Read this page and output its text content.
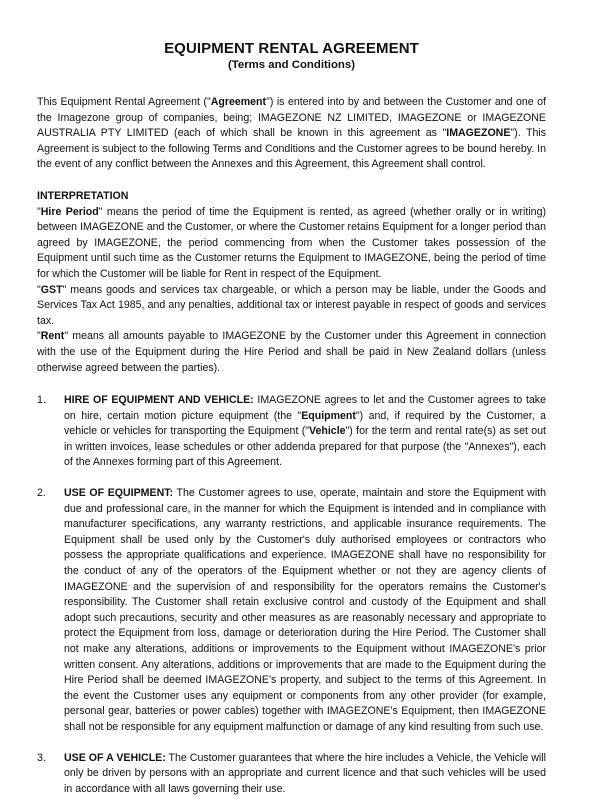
EQUIPMENT RENTAL AGREEMENT
(Terms and Conditions)

This Equipment Rental Agreement ("Agreement") is entered into by and between the Customer and one of the Imagezone group of companies, being; IMAGEZONE NZ LIMITED, IMAGEZONE or IMAGEZONE AUSTRALIA PTY LIMITED (each of which shall be known in this agreement as "IMAGEZONE"). This Agreement is subject to the following Terms and Conditions and the Customer agrees to be bound hereby. In the event of any conflict between the Annexes and this Agreement, this Agreement shall control.

INTERPRETATION

"Hire Period" means the period of time the Equipment is rented, as agreed (whether orally or in writing) between IMAGEZONE and the Customer, or where the Customer retains Equipment for a longer period than agreed by IMAGEZONE, the period commencing from when the Customer takes possession of the Equipment until such time as the Customer returns the Equipment to IMAGEZONE, being the period of time for which the Customer will be liable for Rent in respect of the Equipment.

"GST" means goods and services tax chargeable, or which a person may be liable, under the Goods and Services Tax Act 1985, and any penalties, additional tax or interest payable in respect of goods and services tax.

"Rent" means all amounts payable to IMAGEZONE by the Customer under this Agreement in connection with the use of the Equipment during the Hire Period and shall be paid in New Zealand dollars (unless otherwise agreed between the parties).

1.	HIRE OF EQUIPMENT AND VEHICLE: IMAGEZONE agrees to let and the Customer agrees to take on hire, certain motion picture equipment (the "Equipment") and, if required by the Customer, a vehicle or vehicles for transporting the Equipment ("Vehicle") for the term and rental rate(s) as set out in written invoices, lease schedules or other addenda prepared for that purpose (the "Annexes"), each of the Annexes forming part of this Agreement.
2.	USE OF EQUIPMENT: The Customer agrees to use, operate, maintain and store the Equipment with due and professional care, in the manner for which the Equipment is intended and in compliance with manufacturer specifications, any warranty restrictions, and applicable insurance requirements. The Equipment shall be used only by the Customer's duly authorised employees or contractors who possess the appropriate qualifications and experience. IMAGEZONE shall have no responsibility for the conduct of any of the operators of the Equipment whether or not they are agency clients of IMAGEZONE and the supervision of and responsibility for the operators remains the Customer's responsibility. The Customer shall retain exclusive control and custody of the Equipment and shall adopt such precautions, security and other measures as are reasonably necessary and appropriate to protect the Equipment from loss, damage or deterioration during the Hire Period. The Customer shall not make any alterations, additions or improvements to the Equipment without IMAGEZONE's prior written consent. Any alterations, additions or improvements that are made to the Equipment during the Hire Period shall be deemed IMAGEZONE's property, and subject to the terms of this Agreement. In the event the Customer uses any equipment or components from any other provider (for example, personal gear, batteries or power cables) together with IMAGEZONE's Equipment, then IMAGEZONE shall not be responsible for any equipment malfunction or damage of any kind resulting from such use.
3.	USE OF A VEHICLE: The Customer guarantees that where the hire includes a Vehicle, the Vehicle will only be driven by persons with an appropriate and current licence and that such vehicles will be used in accordance with all laws governing their use.
